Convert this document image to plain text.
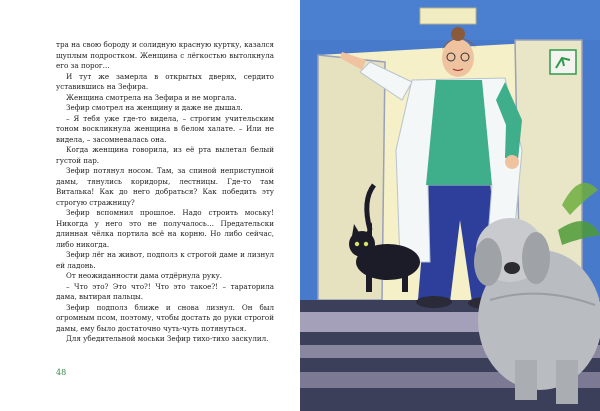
тра на свою бороду и солидную красную куртку, казался щуплым подростком. Женщина с лёгкостью вытолкнула его за порог…

И тут же замерла в открытых дверях, сердито уставившись на Зефира.

Женщина смотрела на Зефира и не моргала.

Зефир смотрел на женщину и даже не дышал.

– Я тебя уже где-то видела, – строгим учительским тоном воскликнула женщина в белом халате. – Или не видела, – засомневалась она.

Когда женщина говорила, из её рта вылетал белый густой пар.

Зефир потянул носом. Там, за спиной неприступной дамы, тянулись коридоры, лестницы. Где-то там Виталька! Как до него добраться? Как победить эту строгую стражницу?

Зефир вспомнил прошлое. Надо строить моську! Никогда у него это не получалось… Предательски длинная чёлка портила всё на корню. Но либо сейчас, либо никогда.

Зефир лёг на живот, подполз к строгой даме и лизнул ей ладонь.

От неожиданности дама отдёрнула руку.

– Что это? Это что?! Что это такое?! – тараторила дама, вытирая пальцы.

Зефир подполз ближе и снова лизнул. Он был огромным псом, поэтому, чтобы достать до руки строгой дамы, ему было достаточно чуть-чуть потянуться.

Для убедительной моськи Зефир тихо-тихо заскулил.

48
